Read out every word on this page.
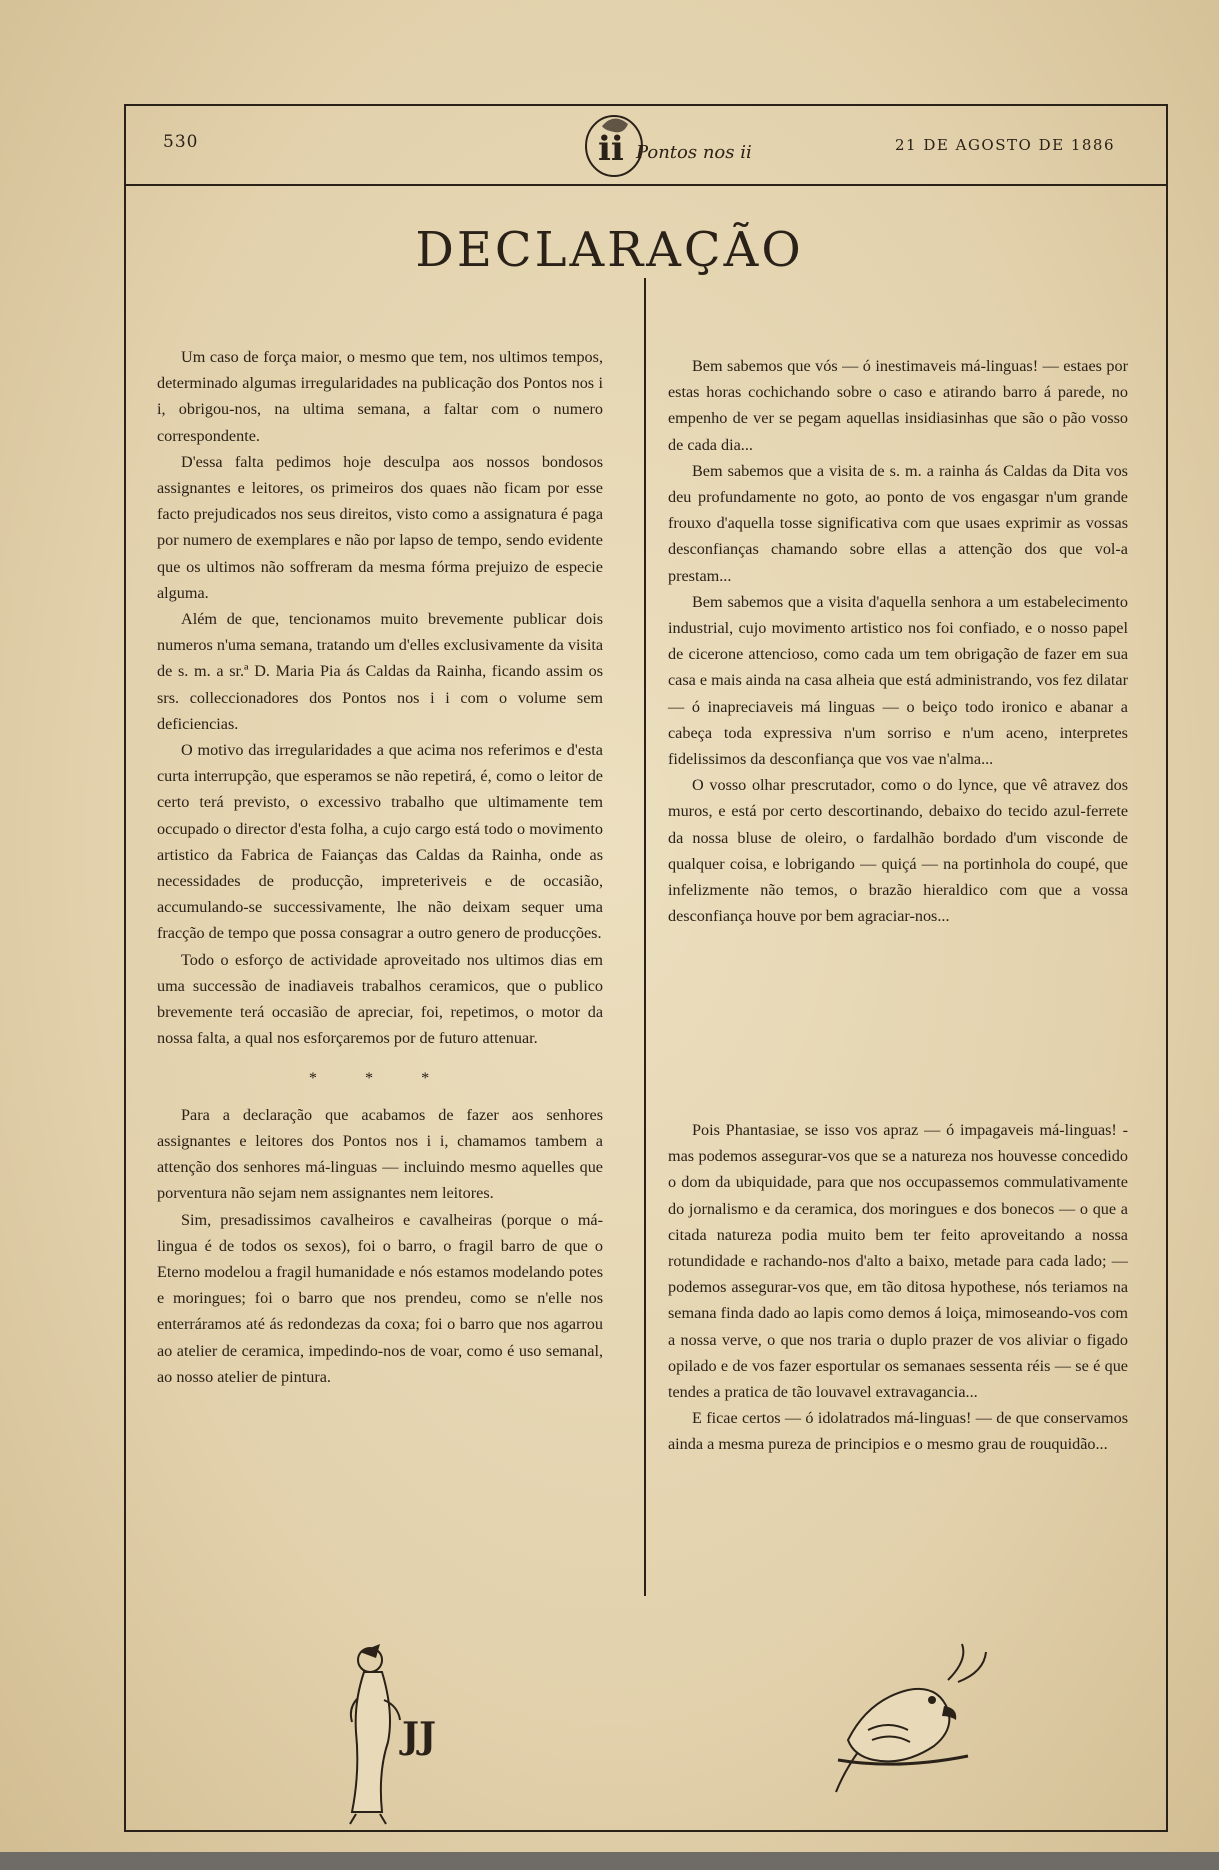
530	ii Pontos nos ii	21 DE AGOSTO DE 1886
DECLARAÇÃO

Um caso de força maior, o mesmo que tem, nos ultimos tempos, determinado algumas irregularidades na publicação dos Pontos nos i i, obrigou-nos, na ultima semana, a faltar com o numero correspondente.

D'essa falta pedimos hoje desculpa aos nossos bondosos assignantes e leitores, os primeiros dos quaes não ficam por esse facto prejudicados nos seus direitos, visto como a assignatura é paga por numero de exemplares e não por lapso de tempo, sendo evidente que os ultimos não soffreram da mesma fórma prejuizo de especie alguma.

Além de que, tencionamos muito brevemente publicar dois numeros n'uma semana, tratando um d'elles exclusivamente da visita de s. m. a sr.ª D. Maria Pia ás Caldas da Rainha, ficando assim os srs. colleccionadores dos Pontos nos i i com o volume sem deficiencias.

O motivo das irregularidades a que acima nos referimos e d'esta curta interrupção, que esperamos se não repetirá, é, como o leitor de certo terá previsto, o excessivo trabalho que ultimamente tem occupado o director d'esta folha, a cujo cargo está todo o movimento artistico da Fabrica de Faianças das Caldas da Rainha, onde as necessidades de producção, impreteriveis e de occasião, accumulando-se successivamente, lhe não deixam sequer uma fracção de tempo que possa consagrar a outro genero de producções.

Todo o esforço de actividade aproveitado nos ultimos dias em uma successão de inadiaveis trabalhos ceramicos, que o publico brevemente terá occasião de apreciar, foi, repetimos, o motor da nossa falta, a qual nos esforçaremos por de futuro attenuar.

* * *

Para a declaração que acabamos de fazer aos senhores assignantes e leitores dos Pontos nos i i, chamamos tambem a attenção dos senhores má-linguas — incluindo mesmo aquelles que porventura não sejam nem assignantes nem leitores.

Sim, presadissimos cavalheiros e cavalheiras (porque o má-lingua é de todos os sexos), foi o barro, o fragil barro de que o Eterno modelou a fragil humanidade e nós estamos modelando potes e moringues; foi o barro que nos prendeu, como se n'elle nos enterráramos até ás redondezas da coxa; foi o barro que nos agarrou ao atelier de ceramica, impedindo-nos de voar, como é uso semanal, ao nosso atelier de pintura.

Bem sabemos que vós — ó inestimaveis má-linguas! — estaes por estas horas cochichando sobre o caso e atirando barro á parede, no empenho de ver se pegam aquellas insidiasinhas que são o pão vosso de cada dia...

Bem sabemos que a visita de s. m. a rainha ás Caldas da Dita vos deu profundamente no goto, ao ponto de vos engasgar n'um grande frouxo d'aquella tosse significativa com que usaes exprimir as vossas desconfianças chamando sobre ellas a attenção dos que vol-a prestam...

Bem sabemos que a visita d'aquella senhora a um estabelecimento industrial, cujo movimento artistico nos foi confiado, e o nosso papel de cicerone attencioso, como cada um tem obrigação de fazer em sua casa e mais ainda na casa alheia que está administrando, vos fez dilatar — ó inapreciaveis má linguas — o beiço todo ironico e abanar a cabeça toda expressiva n'um sorriso e n'um aceno, interpretes fidelissimos da desconfiança que vos vae n'alma...

O vosso olhar prescrutador, como o do lynce, que vê atravez dos muros, e está por certo descortinando, debaixo do tecido azul-ferrete da nossa bluse de oleiro, o fardalhão bordado d'um visconde de qualquer coisa, e lobrigando — quiçá — na portinhola do coupé, que infelizmente não temos, o brazão hieraldico com que a vossa desconfiança houve por bem agraciar-nos...

Pois Phantasiae, se isso vos apraz — ó impagaveis má-linguas! - mas podemos assegurar-vos que se a natureza nos houvesse concedido o dom da ubiquidade, para que nos occupassemos commulativamente do jornalismo e da ceramica, dos moringues e dos bonecos — o que a citada natureza podia muito bem ter feito aproveitando a nossa rotundidade e rachando-nos d'alto a baixo, metade para cada lado; — podemos assegurar-vos que, em tão ditosa hypothese, nós teriamos na semana finda dado ao lapis como demos á loiça, mimoseando-vos com a nossa verve, o que nos traria o duplo prazer de vos aliviar o figado opilado e de vos fazer esportular os semanaes sessenta réis — se é que tendes a pratica de tão louvavel extravagancia...

E ficae certos — ó idolatrados má-linguas! — de que conservamos ainda a mesma pureza de principios e o mesmo grau de rouquidão...

JJ
